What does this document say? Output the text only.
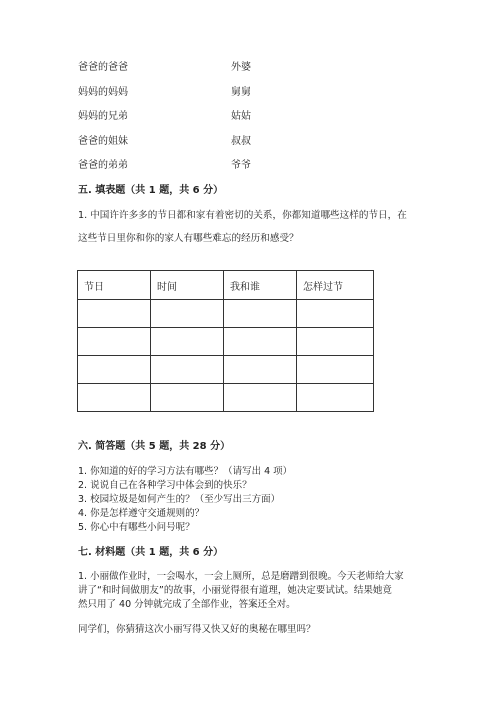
爸爸的爸爸	外婆
妈妈的妈妈	舅舅
妈妈的兄弟	姑姑
爸爸的姐妹	叔叔
爸爸的弟弟	爷爷
五. 填表题（共 1 题，共 6 分）
1. 中国许许多多的节日都和家有着密切的关系，你都知道哪些这样的节日，在
这些节日里你和你的家人有哪些难忘的经历和感受？
节日	时间	我和谁	怎样过节

六. 简答题（共 5 题，共 28 分）
1. 你知道的好的学习方法有哪些？（请写出 4 项）
2. 说说自己在各种学习中体会到的快乐？
3. 校园垃圾是如何产生的？（至少写出三方面）
4. 你是怎样遵守交通规则的？
5. 你心中有哪些小问号呢？
七. 材料题（共 1 题，共 6 分）
1. 小丽做作业时，一会喝水，一会上厕所，总是磨蹭到很晚。今天老师给大家
讲了“和时间做朋友”的故事，小丽觉得很有道理，她决定要试试。结果她竟
然只用了 40 分钟就完成了全部作业，答案还全对。
同学们，你猜猜这次小丽写得又快又好的奥秘在哪里吗？
